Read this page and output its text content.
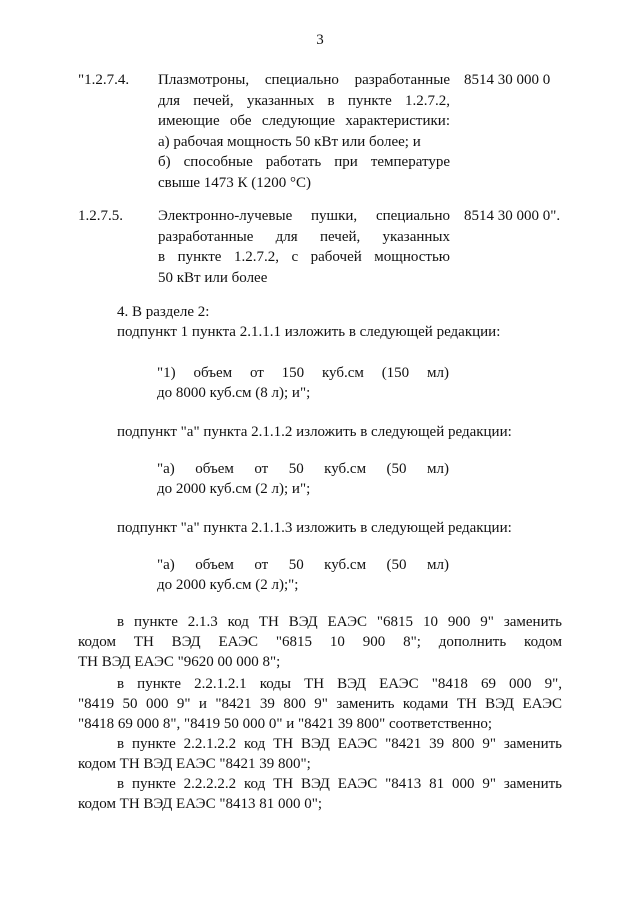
3
"1.2.7.4. Плазмотроны, специально разработанные
для печей, указанных в пункте 1.2.7.2,
имеющие обе следующие характеристики:
а) рабочая мощность 50 кВт или более; и
б) способные работать при температуре
свыше 1473 К (1200 °С)
8514 30 000 0
1.2.7.5. Электронно-лучевые пушки, специально
разработанные для печей, указанных
в пункте 1.2.7.2, с рабочей мощностью
50 кВт или более
8514 30 000 0".
4. В разделе 2:
подпункт 1 пункта 2.1.1.1 изложить в следующей редакции:
"1) объем от 150 куб.см (150 мл)
до 8000 куб.см (8 л); и";
подпункт "а" пункта 2.1.1.2 изложить в следующей редакции:
"а) объем от 50 куб.см (50 мл)
до 2000 куб.см (2 л); и";
подпункт "а" пункта 2.1.1.3 изложить в следующей редакции:
"а) объем от 50 куб.см (50 мл)
до 2000 куб.см (2 л);";
в пункте 2.1.3 код ТН ВЭД ЕАЭС "6815 10 900 9" заменить
кодом ТН ВЭД ЕАЭС "6815 10 900 8"; дополнить кодом
ТН ВЭД ЕАЭС "9620 00 000 8";
в пункте 2.2.1.2.1 коды ТН ВЭД ЕАЭС "8418 69 000 9",
"8419 50 000 9" и "8421 39 800 9" заменить кодами ТН ВЭД ЕАЭС
"8418 69 000 8", "8419 50 000 0" и "8421 39 800" соответственно;
в пункте 2.2.1.2.2 код ТН ВЭД ЕАЭС "8421 39 800 9" заменить
кодом ТН ВЭД ЕАЭС "8421 39 800";
в пункте 2.2.2.2.2 код ТН ВЭД ЕАЭС "8413 81 000 9" заменить
кодом ТН ВЭД ЕАЭС "8413 81 000 0";
